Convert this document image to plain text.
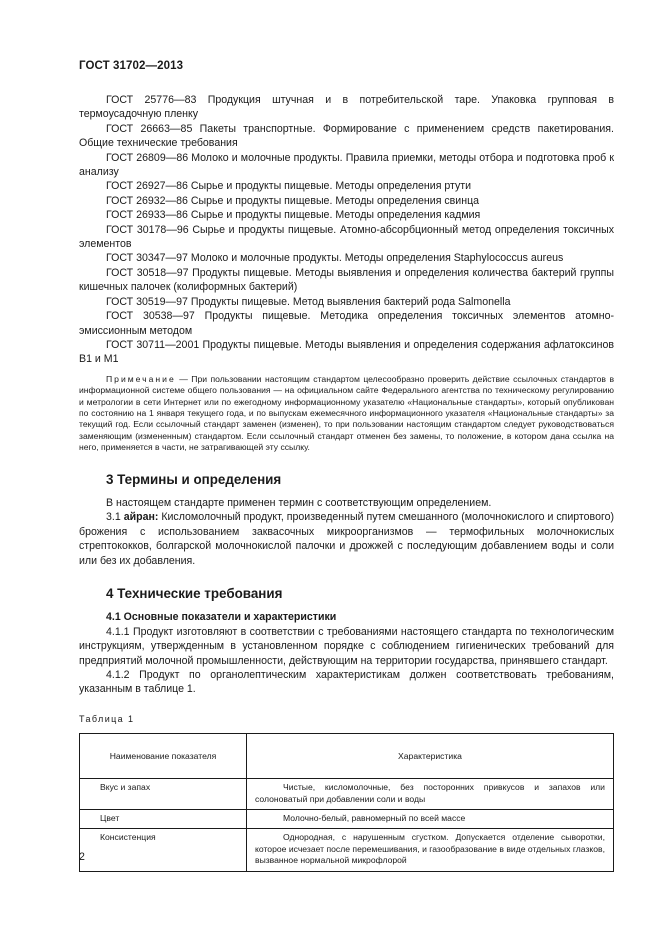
ГОСТ 31702—2013

ГОСТ 25776—83 Продукция штучная и в потребительской таре. Упаковка групповая в термоусадочную пленку

ГОСТ 26663—85 Пакеты транспортные. Формирование с применением средств пакетирования. Общие технические требования

ГОСТ 26809—86 Молоко и молочные продукты. Правила приемки, методы отбора и подготовка проб к анализу

ГОСТ 26927—86 Сырье и продукты пищевые. Методы определения ртути

ГОСТ 26932—86 Сырье и продукты пищевые. Методы определения свинца

ГОСТ 26933—86 Сырье и продукты пищевые. Методы определения кадмия

ГОСТ 30178—96 Сырье и продукты пищевые. Атомно-абсорбционный метод определения токсичных элементов

ГОСТ 30347—97 Молоко и молочные продукты. Методы определения Staphylococcus aureus

ГОСТ 30518—97 Продукты пищевые. Методы выявления и определения количества бактерий группы кишечных палочек (колиформных бактерий)

ГОСТ 30519—97 Продукты пищевые. Метод выявления бактерий рода Salmonella

ГОСТ 30538—97 Продукты пищевые. Методика определения токсичных элементов атомно-эмиссионным методом

ГОСТ 30711—2001 Продукты пищевые. Методы выявления и определения содержания афлатоксинов В1 и М1

Примечание — При пользовании настоящим стандартом целесообразно проверить действие ссылочных стандартов в информационной системе общего пользования — на официальном сайте Федерального агентства по техническому регулированию и метрологии в сети Интернет или по ежегодному информационному указателю «Национальные стандарты», который опубликован по состоянию на 1 января текущего года, и по выпускам ежемесячного информационного указателя «Национальные стандарты» за текущий год. Если ссылочный стандарт заменен (изменен), то при пользовании настоящим стандартом следует руководствоваться заменяющим (измененным) стандартом. Если ссылочный стандарт отменен без замены, то положение, в котором дана ссылка на него, применяется в части, не затрагивающей эту ссылку.

3 Термины и определения

В настоящем стандарте применен термин с соответствующим определением.

3.1 айран: Кисломолочный продукт, произведенный путем смешанного (молочнокислого и спиртового) брожения с использованием заквасочных микроорганизмов — термофильных молочнокислых стрептококков, болгарской молочнокислой палочки и дрожжей с последующим добавлением воды и соли или без их добавления.

4 Технические требования

4.1 Основные показатели и характеристики

4.1.1 Продукт изготовляют в соответствии с требованиями настоящего стандарта по технологическим инструкциям, утвержденным в установленном порядке с соблюдением гигиенических требований для предприятий молочной промышленности, действующим на территории государства, принявшего стандарт.

4.1.2 Продукт по органолептическим характеристикам должен соответствовать требованиям, указанным в таблице 1.

Таблица 1
Наименование показателя	Характеристика
Вкус и запах	Чистые, кисломолочные, без посторонних привкусов и запахов или солоноватый при добавлении соли и воды
Цвет	Молочно-белый, равномерный по всей массе
Консистенция	Однородная, с нарушенным сгустком. Допускается отделение сыворотки, которое исчезает после перемешивания, и газообразование в виде отдельных глазков, вызванное нормальной микрофлорой
2
